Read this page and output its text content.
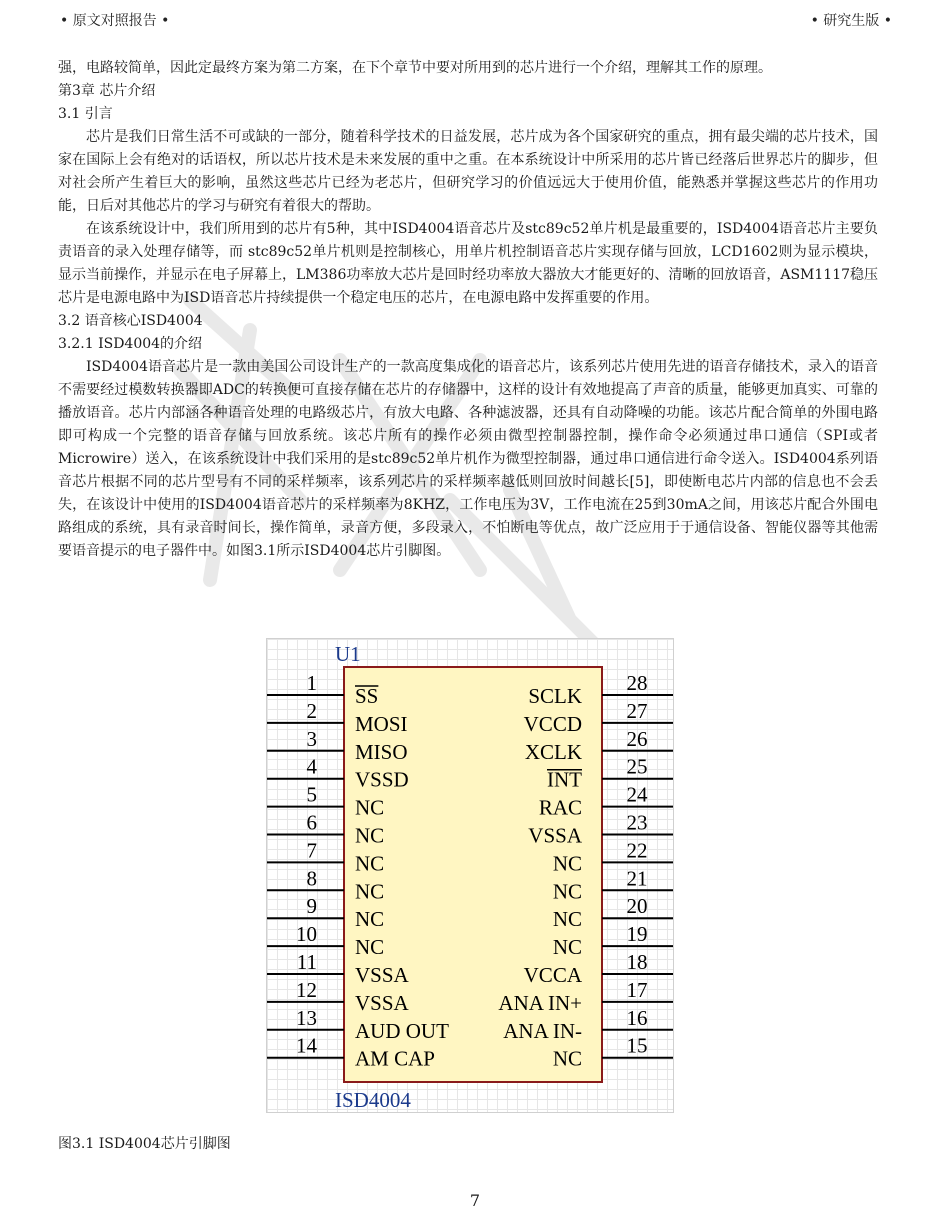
• 原文对照报告 •	• 研究生版 •

强，电路较简单，因此定最终方案为第二方案，在下个章节中要对所用到的芯片进行一个介绍，理解其工作的原理。

第3章 芯片介绍

3.1 引言

芯片是我们日常生活不可或缺的一部分，随着科学技术的日益发展，芯片成为各个国家研究的重点，拥有最尖端的芯片技术，国家在国际上会有绝对的话语权，所以芯片技术是未来发展的重中之重。在本系统设计中所采用的芯片皆已经落后世界芯片的脚步，但对社会所产生着巨大的影响，虽然这些芯片已经为老芯片，但研究学习的价值远远大于使用价值，能熟悉并掌握这些芯片的作用功能，日后对其他芯片的学习与研究有着很大的帮助。

在该系统设计中，我们所用到的芯片有5种，其中ISD4004语音芯片及stc89c52单片机是最重要的，ISD4004语音芯片主要负责语音的录入处理存储等，而 stc89c52单片机则是控制核心，用单片机控制语音芯片实现存储与回放，LCD1602则为显示模块，显示当前操作，并显示在电子屏幕上，LM386功率放大芯片是回时经功率放大器放大才能更好的、清晰的回放语音，ASM1117稳压芯片是电源电路中为ISD语音芯片持续提供一个稳定电压的芯片，在电源电路中发挥重要的作用。

3.2 语音核心ISD4004

3.2.1 ISD4004的介绍

ISD4004语音芯片是一款由美国公司设计生产的一款高度集成化的语音芯片，该系列芯片使用先进的语音存储技术，录入的语音不需要经过模数转换器即ADC的转换便可直接存储在芯片的存储器中，这样的设计有效地提高了声音的质量，能够更加真实、可靠的播放语音。芯片内部涵各种语音处理的电路级芯片，有放大电路、各种滤波器，还具有自动降噪的功能。该芯片配合简单的外围电路即可构成一个完整的语音存储与回放系统。该芯片所有的操作必须由微型控制器控制，操作命令必须通过串口通信（SPI或者Microwire）送入，在该系统设计中我们采用的是stc89c52单片机作为微型控制器，通过串口通信进行命令送入。ISD4004系列语音芯片根据不同的芯片型号有不同的采样频率，该系列芯片的采样频率越低则回放时间越长[5]，即使断电芯片内部的信息也不会丢失，在该设计中使用的ISD4004语音芯片的采样频率为8KHZ，工作电压为3V，工作电流在25到30mA之间，用该芯片配合外围电路组成的系统，具有录音时间长，操作简单，录音方便，多段录入，不怕断电等优点，故广泛应用于于通信设备、智能仪器等其他需要语音提示的电子器件中。如图3.1所示ISD4004芯片引脚图。

U1
1
SS
2
MOSI
3
MISO
4
VSSD
5
NC
6
NC
7
NC
8
NC
9
NC
10
NC
11
VSSA
12
VSSA
13
AUD OUT
14
AM CAP
28
SCLK
27
VCCD
26
XCLK
25
INT
24
RAC
23
VSSA
22
NC
21
NC
20
NC
19
NC
18
VCCA
17
ANA IN+
16
ANA IN-
15
NC
ISD4004
图3.1 ISD4004芯片引脚图
7
